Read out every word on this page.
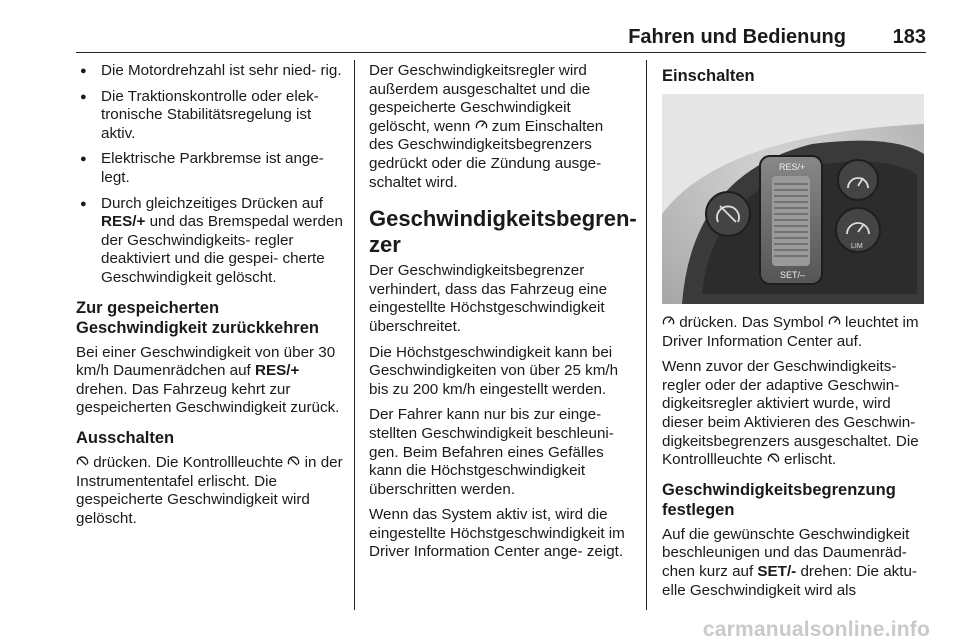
Fahren und Bedienung 183
● Die Motordrehzahl ist sehr nied- rig.
● Die Traktionskontrolle oder elek- tronische Stabilitätsregelung ist aktiv.
● Elektrische Parkbremse ist ange- legt.
● Durch gleichzeitiges Drücken auf RES/+ und das Bremspedal werden der Geschwindigkeits- regler deaktiviert und die gespei- cherte Geschwindigkeit gelöscht.
Zur gespeicherten Geschwindigkeit zurückkehren

Bei einer Geschwindigkeit von über 30 km/h Daumenrädchen auf RES/+ drehen. Das Fahrzeug kehrt zur gespeicherten Geschwindigkeit zurück.

Ausschalten

drücken. Die Kontrollleuchte in der Instrumententafel erlischt. Die gespeicherte Geschwindigkeit wird gelöscht.

Der Geschwindigkeitsregler wird außerdem ausgeschaltet und die gespeicherte Geschwindigkeit gelöscht, wenn zum Einschalten des Geschwindigkeitsbegrenzers gedrückt oder die Zündung ausge- schaltet wird.

Geschwindigkeitsbegren- zer

Der Geschwindigkeitsbegrenzer verhindert, dass das Fahrzeug eine eingestellte Höchstgeschwindigkeit überschreitet.

Die Höchstgeschwindigkeit kann bei Geschwindigkeiten von über 25 km/h bis zu 200 km/h eingestellt werden.

Der Fahrer kann nur bis zur einge- stellten Geschwindigkeit beschleuni- gen. Beim Befahren eines Gefälles kann die Höchstgeschwindigkeit überschritten werden.

Wenn das System aktiv ist, wird die eingestellte Höchstgeschwindigkeit im Driver Information Center ange- zeigt.

Einschalten
RES/+
SET/–
LIM

drücken. Das Symbol leuchtet im Driver Information Center auf.

Wenn zuvor der Geschwindigkeits- regler oder der adaptive Geschwin- digkeitsregler aktiviert wurde, wird dieser beim Aktivieren des Geschwin- digkeitsbegrenzers ausgeschaltet. Die Kontrollleuchte erlischt.

Geschwindigkeitsbegrenzung festlegen

Auf die gewünschte Geschwindigkeit beschleunigen und das Daumenräd- chen kurz auf SET/- drehen: Die aktu- elle Geschwindigkeit wird als

carmanualsonline.info
